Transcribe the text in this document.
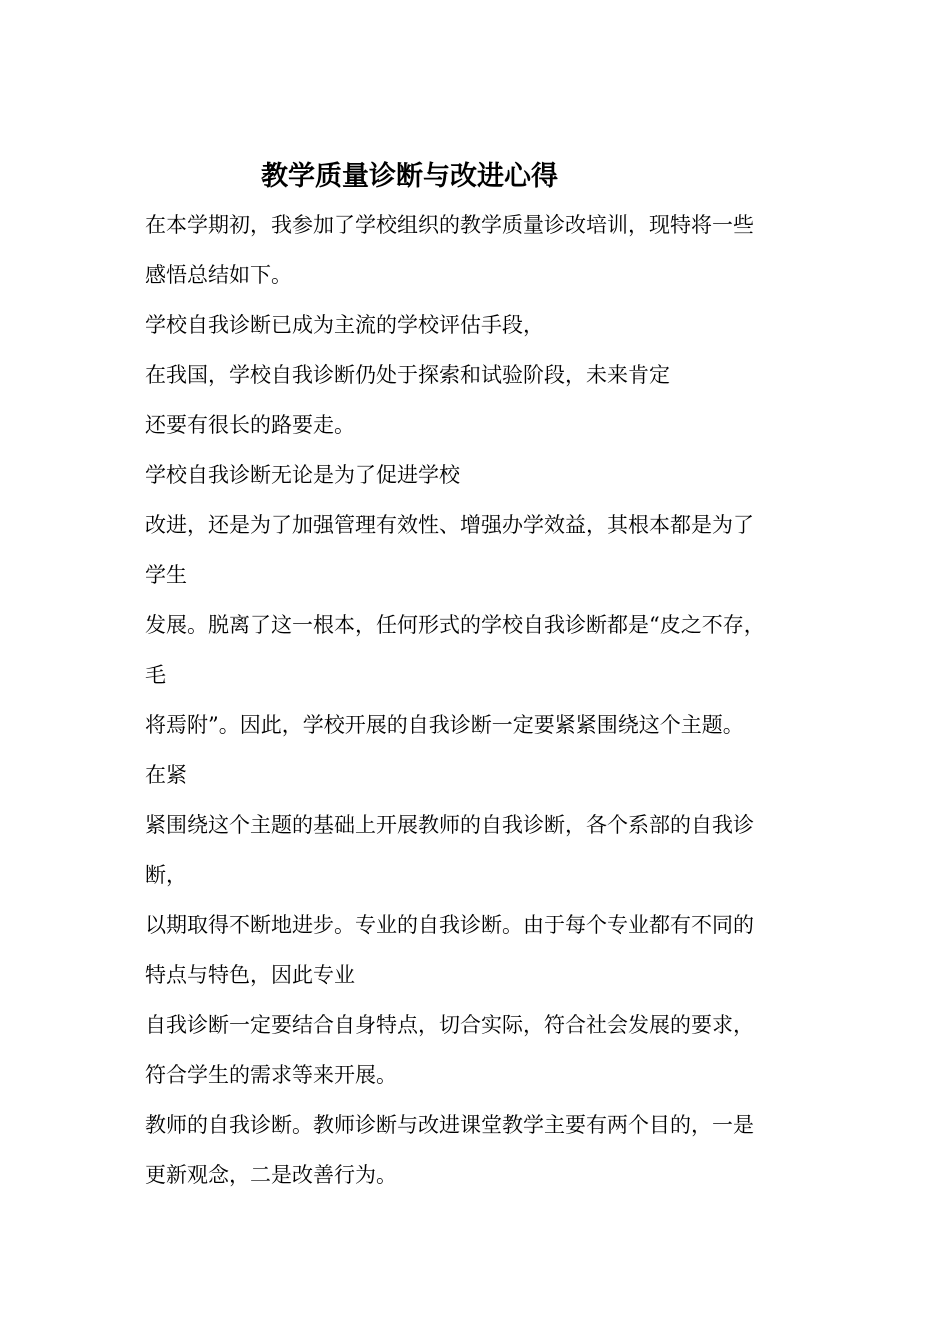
教学质量诊断与改进心得

在本学期初，我参加了学校组织的教学质量诊改培训，现特将一些

感悟总结如下。

学校自我诊断已成为主流的学校评估手段，

在我国，学校自我诊断仍处于探索和试验阶段，未来肯定

还要有很长的路要走。

学校自我诊断无论是为了促进学校

改进，还是为了加强管理有效性、增强办学效益，其根本都是为了

学生

发展。脱离了这一根本，任何形式的学校自我诊断都是“皮之不存，

毛

将焉附”。因此，学校开展的自我诊断一定要紧紧围绕这个主题。

在紧

紧围绕这个主题的基础上开展教师的自我诊断，各个系部的自我诊

断，

以期取得不断地进步。专业的自我诊断。由于每个专业都有不同的

特点与特色，因此专业

自我诊断一定要结合自身特点，切合实际，符合社会发展的要求，

符合学生的需求等来开展。

教师的自我诊断。教师诊断与改进课堂教学主要有两个目的，一是

更新观念，二是改善行为。
